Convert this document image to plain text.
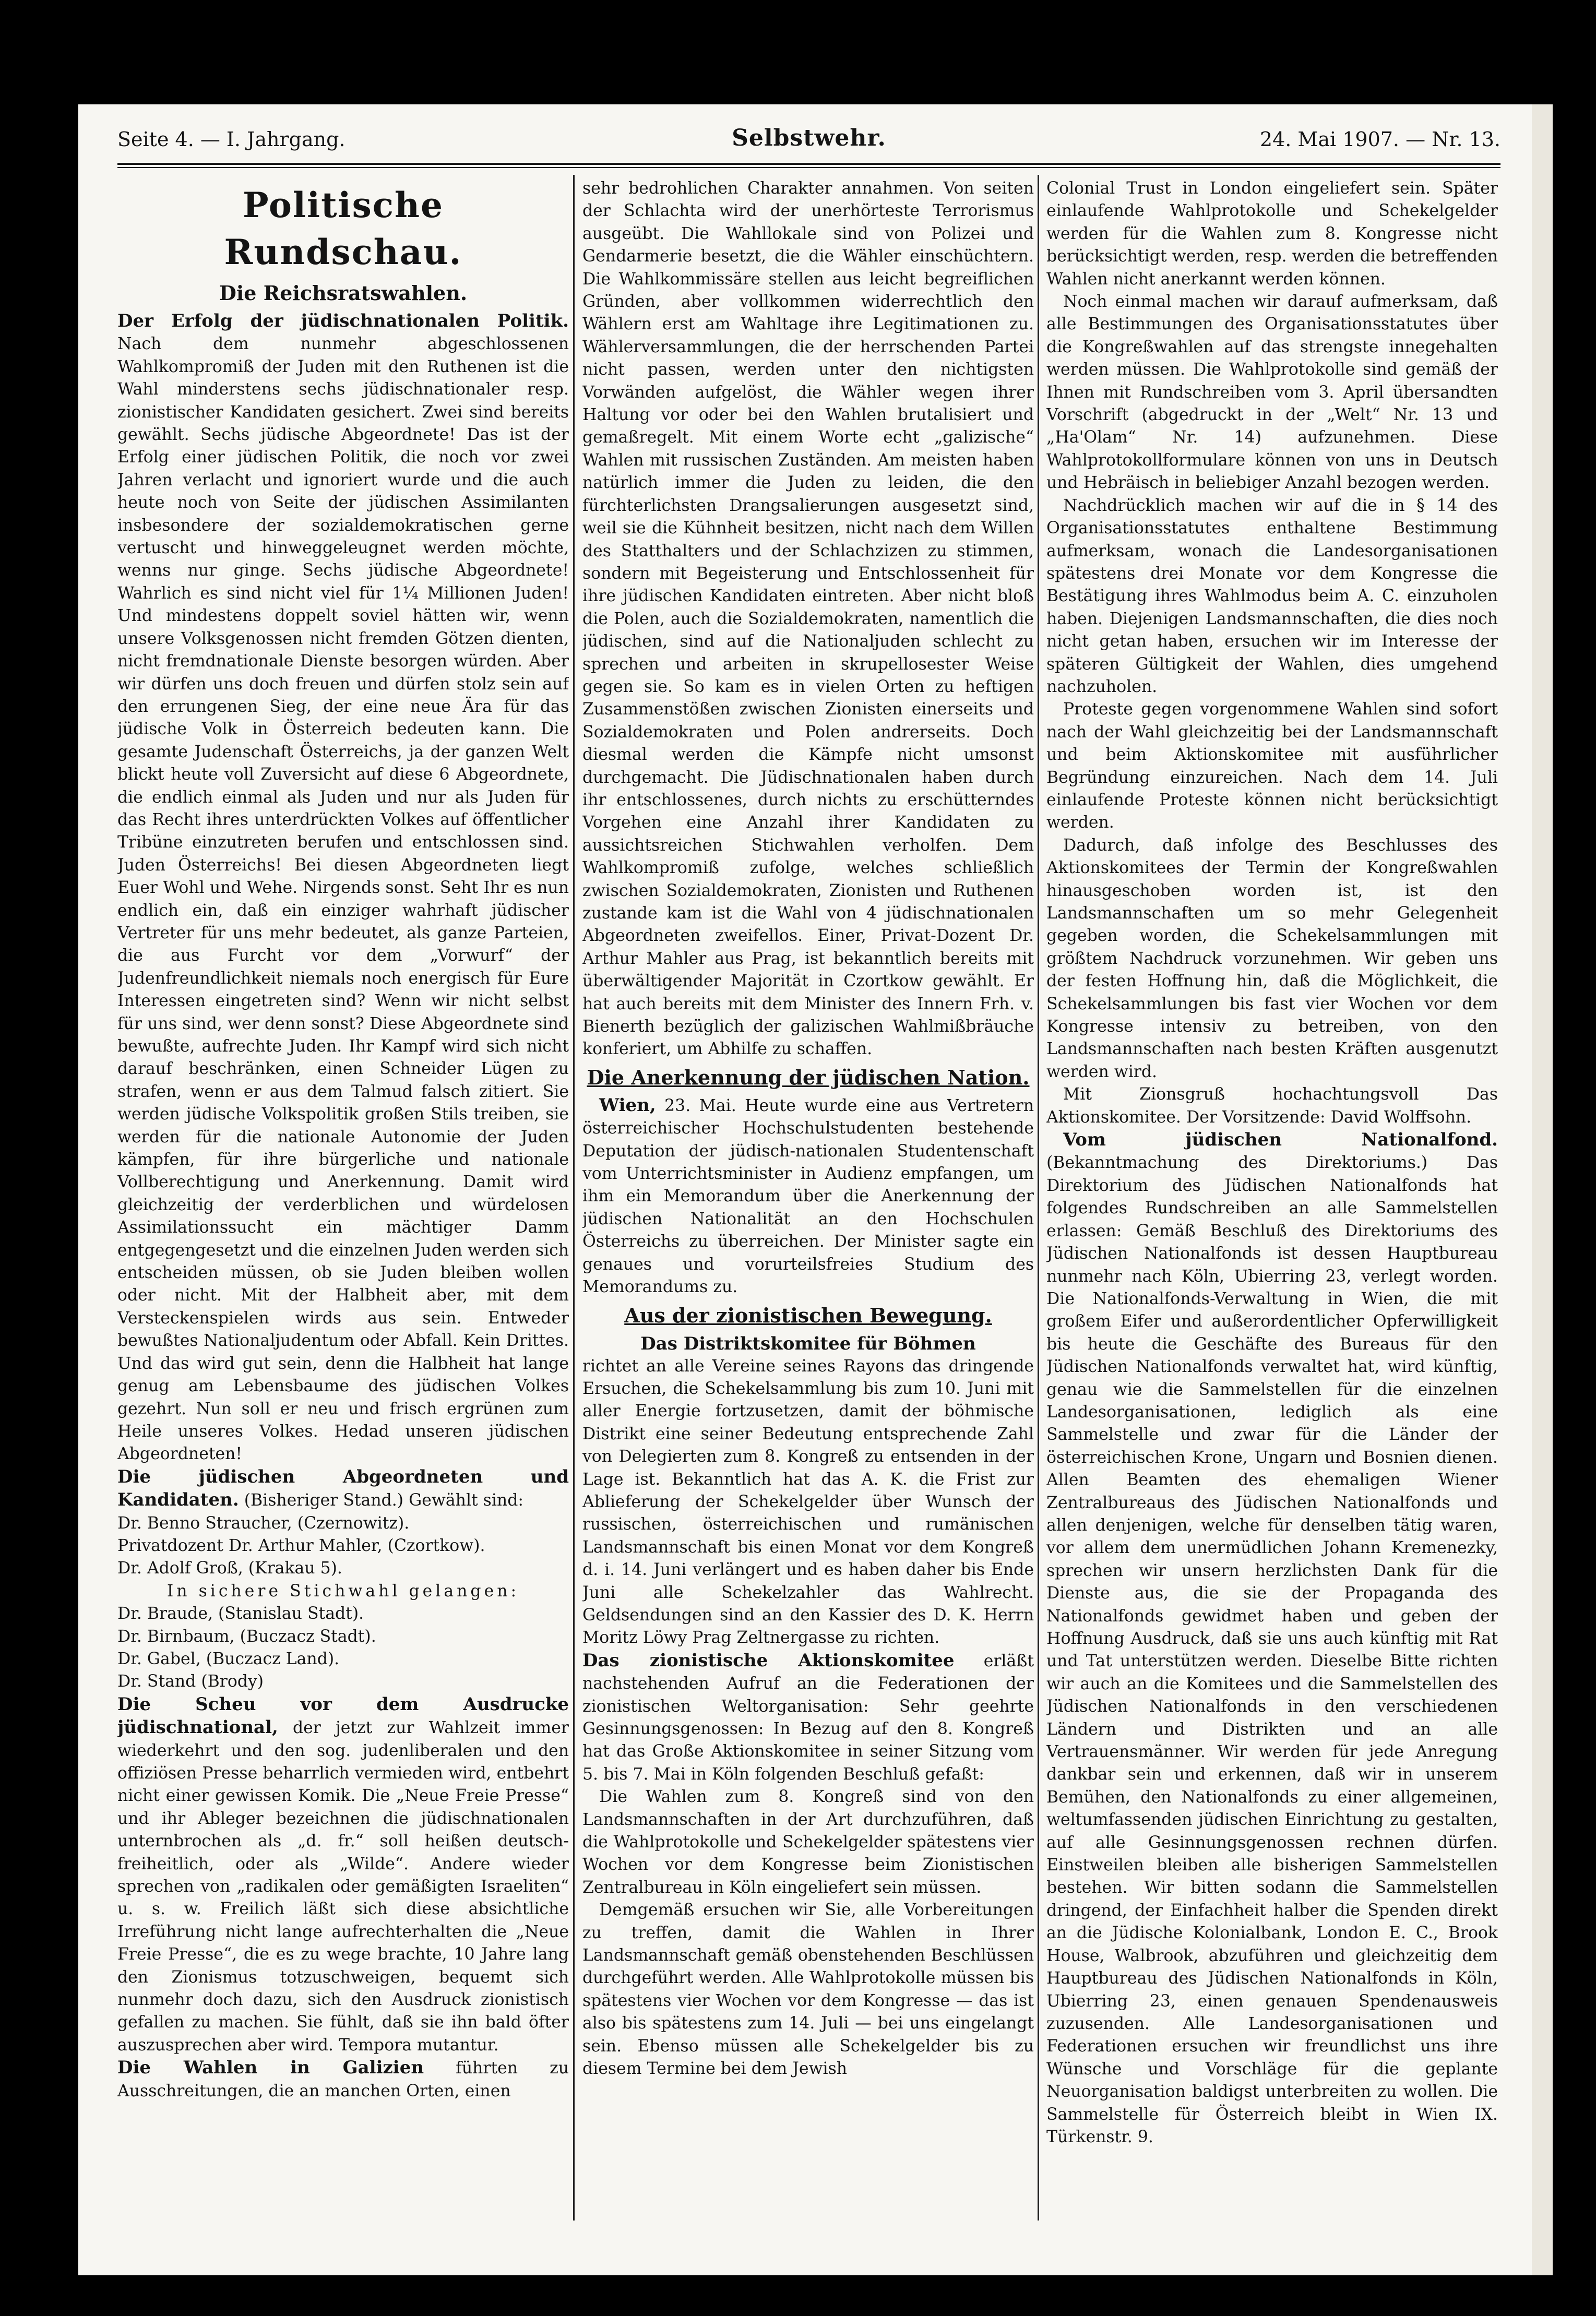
Seite 4. — I. Jahrgang.	Selbstwehr.	24. Mai 1907. — Nr. 13.
Politische Rundschau.
Die Reichsratswahlen.

Der Erfolg der jüdischnationalen Politik. Nach dem nunmehr abgeschlossenen Wahlkompromiß der Juden mit den Ruthenen ist die Wahl minderstens sechs jüdischnationaler resp. zionistischer Kandidaten gesichert. Zwei sind bereits gewählt. Sechs jüdische Abgeordnete! Das ist der Erfolg einer jüdischen Politik, die noch vor zwei Jahren verlacht und ignoriert wurde und die auch heute noch von Seite der jüdischen Assimilanten insbesondere der sozialdemokratischen gerne vertuscht und hinweggeleugnet werden möchte, wenns nur ginge. Sechs jüdische Abgeordnete! Wahrlich es sind nicht viel für 1¼ Millionen Juden! Und mindestens doppelt soviel hätten wir, wenn unsere Volksgenossen nicht fremden Götzen dienten, nicht fremdnationale Dienste besorgen würden. Aber wir dürfen uns doch freuen und dürfen stolz sein auf den errungenen Sieg, der eine neue Ära für das jüdische Volk in Österreich bedeuten kann. Die gesamte Judenschaft Österreichs, ja der ganzen Welt blickt heute voll Zuversicht auf diese 6 Abgeordnete, die endlich einmal als Juden und nur als Juden für das Recht ihres unterdrückten Volkes auf öffentlicher Tribüne einzutreten berufen und entschlossen sind. Juden Österreichs! Bei diesen Abgeordneten liegt Euer Wohl und Wehe. Nirgends sonst. Seht Ihr es nun endlich ein, daß ein einziger wahrhaft jüdischer Vertreter für uns mehr bedeutet, als ganze Parteien, die aus Furcht vor dem „Vorwurf“ der Judenfreundlichkeit niemals noch energisch für Eure Interessen eingetreten sind? Wenn wir nicht selbst für uns sind, wer denn sonst? Diese Abgeordnete sind bewußte, aufrechte Juden. Ihr Kampf wird sich nicht darauf beschränken, einen Schneider Lügen zu strafen, wenn er aus dem Talmud falsch zitiert. Sie werden jüdische Volkspolitik großen Stils treiben, sie werden für die nationale Autonomie der Juden kämpfen, für ihre bürgerliche und nationale Vollberechtigung und Anerkennung. Damit wird gleichzeitig der verderblichen und würdelosen Assimilationssucht ein mächtiger Damm entgegengesetzt und die einzelnen Juden werden sich entscheiden müssen, ob sie Juden bleiben wollen oder nicht. Mit der Halbheit aber, mit dem Versteckenspielen wirds aus sein. Entweder bewußtes Nationaljudentum oder Abfall. Kein Drittes. Und das wird gut sein, denn die Halbheit hat lange genug am Lebensbaume des jüdischen Volkes gezehrt. Nun soll er neu und frisch ergrünen zum Heile unseres Volkes. Hedad unseren jüdischen Abgeordneten!

Die jüdischen Abgeordneten und Kandidaten. (Bisheriger Stand.) Gewählt sind:

Dr. Benno Straucher, (Czernowitz).

Privatdozent Dr. Arthur Mahler, (Czortkow).

Dr. Adolf Groß, (Krakau 5).

In sichere Stichwahl gelangen:

Dr. Braude, (Stanislau Stadt).

Dr. Birnbaum, (Buczacz Stadt).

Dr. Gabel, (Buczacz Land).

Dr. Stand (Brody)

Die Scheu vor dem Ausdrucke jüdischnational, der jetzt zur Wahlzeit immer wiederkehrt und den sog. judenliberalen und den offiziösen Presse beharrlich vermieden wird, entbehrt nicht einer gewissen Komik. Die „Neue Freie Presse“ und ihr Ableger bezeichnen die jüdischnationalen unternbrochen als „d. fr.“ soll heißen deutsch-freiheitlich, oder als „Wilde“. Andere wieder sprechen von „radikalen oder gemäßigten Israeliten“ u. s. w. Freilich läßt sich diese absichtliche Irreführung nicht lange aufrechterhalten die „Neue Freie Presse“, die es zu wege brachte, 10 Jahre lang den Zionismus totzuschweigen, bequemt sich nunmehr doch dazu, sich den Ausdruck zionistisch gefallen zu machen. Sie fühlt, daß sie ihn bald öfter auszusprechen aber wird. Tempora mutantur.

Die Wahlen in Galizien führten zu Ausschreitungen, die an manchen Orten, einen

sehr bedrohlichen Charakter annahmen. Von seiten der Schlachta wird der unerhörteste Terrorismus ausgeübt. Die Wahllokale sind von Polizei und Gendarmerie besetzt, die die Wähler einschüchtern. Die Wahlkommissäre stellen aus leicht begreiflichen Gründen, aber vollkommen widerrechtlich den Wählern erst am Wahltage ihre Legitimationen zu. Wählerversammlungen, die der herrschenden Partei nicht passen, werden unter den nichtigsten Vorwänden aufgelöst, die Wähler wegen ihrer Haltung vor oder bei den Wahlen brutalisiert und gemaßregelt. Mit einem Worte echt „galizische“ Wahlen mit russischen Zuständen. Am meisten haben natürlich immer die Juden zu leiden, die den fürchterlichsten Drangsalierungen ausgesetzt sind, weil sie die Kühnheit besitzen, nicht nach dem Willen des Statthalters und der Schlachzizen zu stimmen, sondern mit Begeisterung und Entschlossenheit für ihre jüdischen Kandidaten eintreten. Aber nicht bloß die Polen, auch die Sozialdemokraten, namentlich die jüdischen, sind auf die Nationaljuden schlecht zu sprechen und arbeiten in skrupellosester Weise gegen sie. So kam es in vielen Orten zu heftigen Zusammenstößen zwischen Zionisten einerseits und Sozialdemokraten und Polen andrerseits. Doch diesmal werden die Kämpfe nicht umsonst durchgemacht. Die Jüdischnationalen haben durch ihr entschlossenes, durch nichts zu erschütterndes Vorgehen eine Anzahl ihrer Kandidaten zu aussichtsreichen Stichwahlen verholfen. Dem Wahlkompromiß zufolge, welches schließlich zwischen Sozialdemokraten, Zionisten und Ruthenen zustande kam ist die Wahl von 4 jüdischnationalen Abgeordneten zweifellos. Einer, Privat-Dozent Dr. Arthur Mahler aus Prag, ist bekanntlich bereits mit überwältigender Majorität in Czortkow gewählt. Er hat auch bereits mit dem Minister des Innern Frh. v. Bienerth bezüglich der galizischen Wahlmißbräuche konferiert, um Abhilfe zu schaffen.

Die Anerkennung der jüdischen Nation.

Wien, 23. Mai. Heute wurde eine aus Vertretern österreichischer Hochschulstudenten bestehende Deputation der jüdisch-nationalen Studentenschaft vom Unterrichtsminister in Audienz empfangen, um ihm ein Memorandum über die Anerkennung der jüdischen Nationalität an den Hochschulen Österreichs zu überreichen. Der Minister sagte ein genaues und vorurteilsfreies Studium des Memorandums zu.

Aus der zionistischen Bewegung.
Das Distriktskomitee für Böhmen

richtet an alle Vereine seines Rayons das dringende Ersuchen, die Schekelsammlung bis zum 10. Juni mit aller Energie fortzusetzen, damit der böhmische Distrikt eine seiner Bedeutung entsprechende Zahl von Delegierten zum 8. Kongreß zu entsenden in der Lage ist. Bekanntlich hat das A. K. die Frist zur Ablieferung der Schekelgelder über Wunsch der russischen, österreichischen und rumänischen Landsmannschaft bis einen Monat vor dem Kongreß d. i. 14. Juni verlängert und es haben daher bis Ende Juni alle Schekelzahler das Wahlrecht. Geldsendungen sind an den Kassier des D. K. Herrn Moritz Löwy Prag Zeltnergasse zu richten.

Das zionistische Aktionskomitee erläßt nachstehenden Aufruf an die Federationen der zionistischen Weltorganisation: Sehr geehrte Gesinnungsgenossen: In Bezug auf den 8. Kongreß hat das Große Aktionskomitee in seiner Sitzung vom 5. bis 7. Mai in Köln folgenden Beschluß gefaßt:

Die Wahlen zum 8. Kongreß sind von den Landsmannschaften in der Art durchzuführen, daß die Wahlprotokolle und Schekelgelder spätestens vier Wochen vor dem Kongresse beim Zionistischen Zentralbureau in Köln eingeliefert sein müssen.

Demgemäß ersuchen wir Sie, alle Vorbereitungen zu treffen, damit die Wahlen in Ihrer Landsmannschaft gemäß obenstehenden Beschlüssen durchgeführt werden. Alle Wahlprotokolle müssen bis spätestens vier Wochen vor dem Kongresse — das ist also bis spätestens zum 14. Juli — bei uns eingelangt sein. Ebenso müssen alle Schekelgelder bis zu diesem Termine bei dem Jewish

Colonial Trust in London eingeliefert sein. Später einlaufende Wahlprotokolle und Schekelgelder werden für die Wahlen zum 8. Kongresse nicht berücksichtigt werden, resp. werden die betreffenden Wahlen nicht anerkannt werden können.

Noch einmal machen wir darauf aufmerksam, daß alle Bestimmungen des Organisationsstatutes über die Kongreßwahlen auf das strengste innegehalten werden müssen. Die Wahlprotokolle sind gemäß der Ihnen mit Rundschreiben vom 3. April übersandten Vorschrift (abgedruckt in der „Welt“ Nr. 13 und „Ha'Olam“ Nr. 14) aufzunehmen. Diese Wahlprotokollformulare können von uns in Deutsch und Hebräisch in beliebiger Anzahl bezogen werden.

Nachdrücklich machen wir auf die in § 14 des Organisationsstatutes enthaltene Bestimmung aufmerksam, wonach die Landesorganisationen spätestens drei Monate vor dem Kongresse die Bestätigung ihres Wahlmodus beim A. C. einzuholen haben. Diejenigen Landsmannschaften, die dies noch nicht getan haben, ersuchen wir im Interesse der späteren Gültigkeit der Wahlen, dies umgehend nachzuholen.

Proteste gegen vorgenommene Wahlen sind sofort nach der Wahl gleichzeitig bei der Landsmannschaft und beim Aktionskomitee mit ausführlicher Begründung einzureichen. Nach dem 14. Juli einlaufende Proteste können nicht berücksichtigt werden.

Dadurch, daß infolge des Beschlusses des Aktionskomitees der Termin der Kongreßwahlen hinausgeschoben worden ist, ist den Landsmannschaften um so mehr Gelegenheit gegeben worden, die Schekelsammlungen mit größtem Nachdruck vorzunehmen. Wir geben uns der festen Hoffnung hin, daß die Möglichkeit, die Schekelsammlungen bis fast vier Wochen vor dem Kongresse intensiv zu betreiben, von den Landsmannschaften nach besten Kräften ausgenutzt werden wird.

Mit Zionsgruß hochachtungsvoll Das Aktionskomitee. Der Vorsitzende: David Wolffsohn.

Vom jüdischen Nationalfond. (Bekanntmachung des Direktoriums.) Das Direktorium des Jüdischen Nationalfonds hat folgendes Rundschreiben an alle Sammelstellen erlassen: Gemäß Beschluß des Direktoriums des Jüdischen Nationalfonds ist dessen Hauptbureau nunmehr nach Köln, Ubierring 23, verlegt worden. Die Nationalfonds-Verwaltung in Wien, die mit großem Eifer und außerordentlicher Opferwilligkeit bis heute die Geschäfte des Bureaus für den Jüdischen Nationalfonds verwaltet hat, wird künftig, genau wie die Sammelstellen für die einzelnen Landesorganisationen, lediglich als eine Sammelstelle und zwar für die Länder der österreichischen Krone, Ungarn und Bosnien dienen. Allen Beamten des ehemaligen Wiener Zentralbureaus des Jüdischen Nationalfonds und allen denjenigen, welche für denselben tätig waren, vor allem dem unermüdlichen Johann Kremenezky, sprechen wir unsern herzlichsten Dank für die Dienste aus, die sie der Propaganda des Nationalfonds gewidmet haben und geben der Hoffnung Ausdruck, daß sie uns auch künftig mit Rat und Tat unterstützen werden. Dieselbe Bitte richten wir auch an die Komitees und die Sammelstellen des Jüdischen Nationalfonds in den verschiedenen Ländern und Distrikten und an alle Vertrauensmänner. Wir werden für jede Anregung dankbar sein und erkennen, daß wir in unserem Bemühen, den Nationalfonds zu einer allgemeinen, weltumfassenden jüdischen Einrichtung zu gestalten, auf alle Gesinnungsgenossen rechnen dürfen. Einstweilen bleiben alle bisherigen Sammelstellen bestehen. Wir bitten sodann die Sammelstellen dringend, der Einfachheit halber die Spenden direkt an die Jüdische Kolonialbank, London E. C., Brook House, Walbrook, abzuführen und gleichzeitig dem Hauptbureau des Jüdischen Nationalfonds in Köln, Ubierring 23, einen genauen Spendenausweis zuzusenden. Alle Landesorganisationen und Federationen ersuchen wir freundlichst uns ihre Wünsche und Vorschläge für die geplante Neuorganisation baldigst unterbreiten zu wollen. Die Sammelstelle für Österreich bleibt in Wien IX. Türkenstr. 9.
